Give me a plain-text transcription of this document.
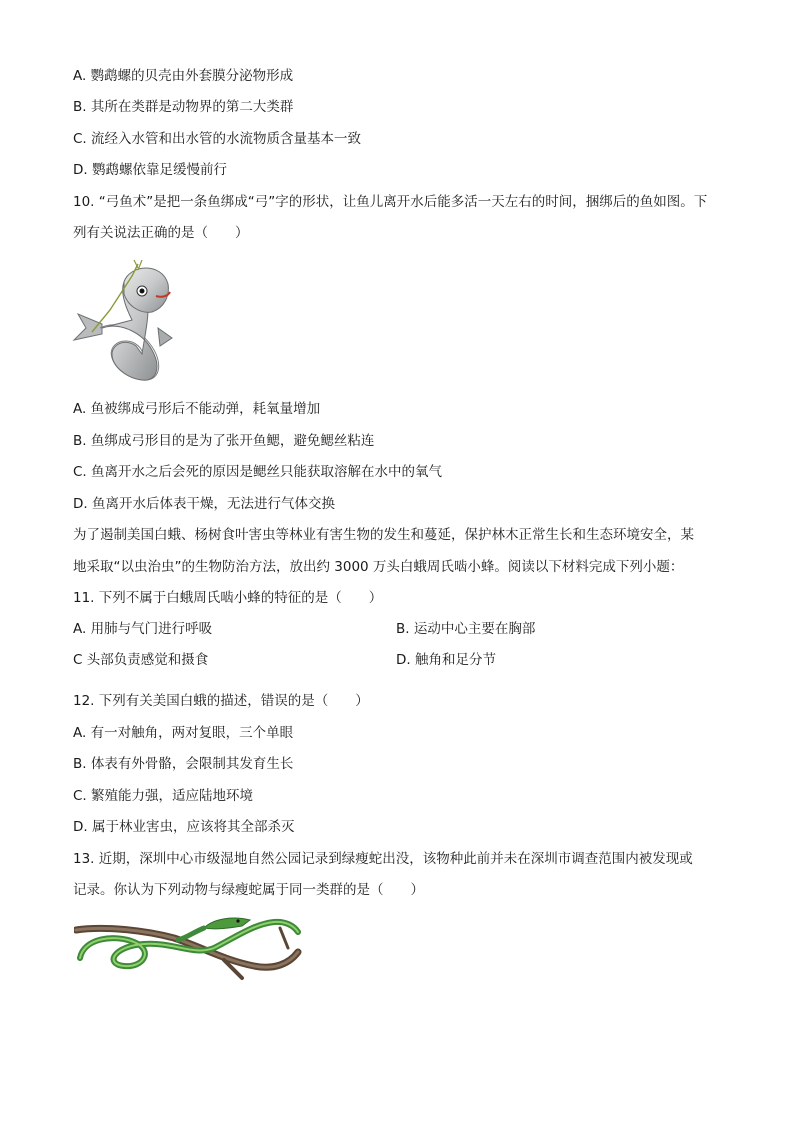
A. 鹦鹉螺的贝壳由外套膜分泌物形成
B. 其所在类群是动物界的第二大类群
C. 流经入水管和出水管的水流物质含量基本一致
D. 鹦鹉螺依靠足缓慢前行
10. “弓鱼术”是把一条鱼绑成“弓”字的形状，让鱼儿离开水后能多活一天左右的时间，捆绑后的鱼如图。下
列有关说法正确的是（　　）
A. 鱼被绑成弓形后不能动弹，耗氧量增加
B. 鱼绑成弓形目的是为了张开鱼鳃，避免鳃丝粘连
C. 鱼离开水之后会死的原因是鳃丝只能获取溶解在水中的氧气
D. 鱼离开水后体表干燥，无法进行气体交换
为了遏制美国白蛾、杨树食叶害虫等林业有害生物的发生和蔓延，保护林木正常生长和生态环境安全，某
地采取“以虫治虫”的生物防治方法，放出约 3000 万头白蛾周氏啮小蜂。阅读以下材料完成下列小题：
11. 下列不属于白蛾周氏啮小蜂的特征的是（　　）
A. 用肺与气门进行呼吸	B. 运动中心主要在胸部
C 头部负责感觉和摄食	D. 触角和足分节
12. 下列有关美国白蛾的描述，错误的是（　　）
A. 有一对触角，两对复眼，三个单眼
B. 体表有外骨骼，会限制其发育生长
C. 繁殖能力强，适应陆地环境
D. 属于林业害虫，应该将其全部杀灭
13. 近期，深圳中心市级湿地自然公园记录到绿瘦蛇出没，该物种此前并未在深圳市调查范围内被发现或
记录。你认为下列动物与绿瘦蛇属于同一类群的是（　　）
